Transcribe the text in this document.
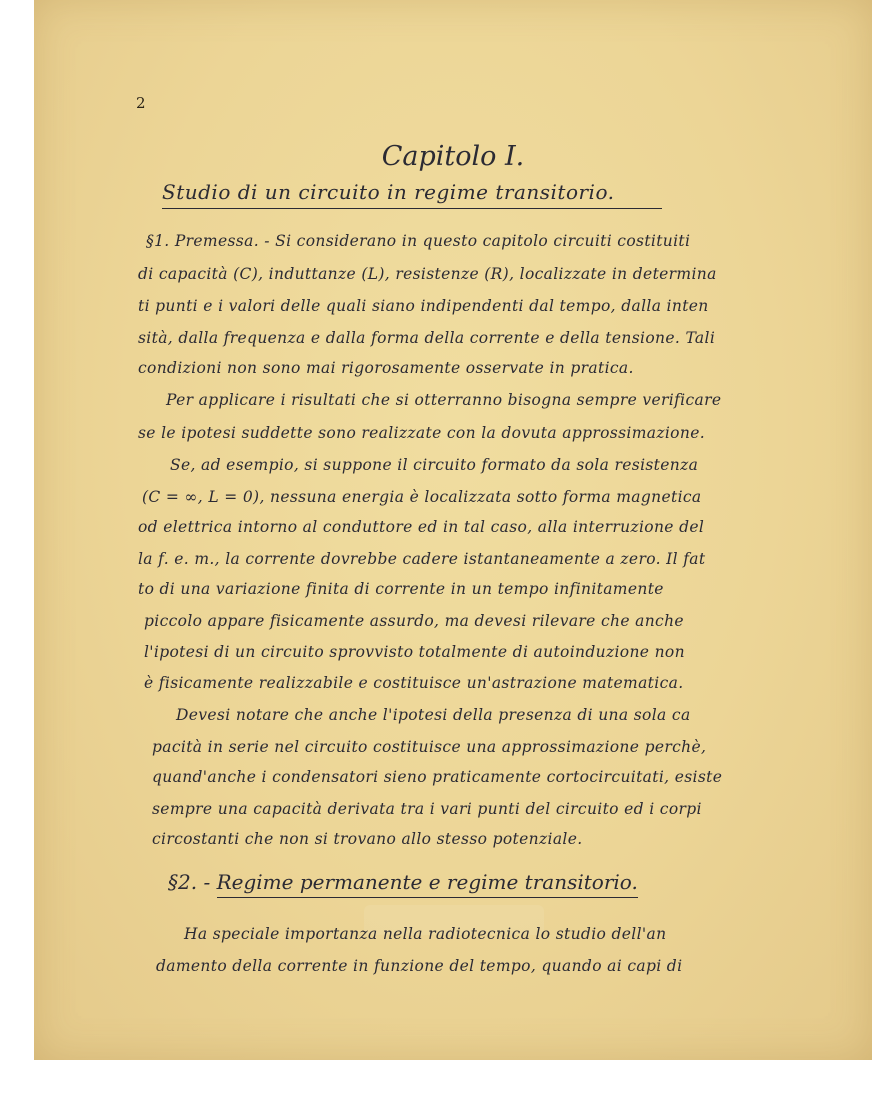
2
Capitolo I.
Studio di un circuito in regime transitorio.
§1. Premessa. - Si considerano in questo capitolo circuiti costituiti
di capacità (C), induttanze (L), resistenze (R), localizzate in determina
ti punti e i valori delle quali siano indipendenti dal tempo, dalla inten
sità, dalla frequenza e dalla forma della corrente e della tensione. Tali
condizioni non sono mai rigorosamente osservate in pratica.
Per applicare i risultati che si otterranno bisogna sempre verificare
se le ipotesi suddette sono realizzate con la dovuta approssimazione.
Se, ad esempio, si suppone il circuito formato da sola resistenza
(C = ∞, L = 0), nessuna energia è localizzata sotto forma magnetica
od elettrica intorno al conduttore ed in tal caso, alla interruzione del
la f. e. m., la corrente dovrebbe cadere istantaneamente a zero. Il fat
to di una variazione finita di corrente in un tempo infinitamente
piccolo appare fisicamente assurdo, ma devesi rilevare che anche
l'ipotesi di un circuito sprovvisto totalmente di autoinduzione non
è fisicamente realizzabile e costituisce un'astrazione matematica.
Devesi notare che anche l'ipotesi della presenza di una sola ca
pacità in serie nel circuito costituisce una approssimazione perchè,
quand'anche i condensatori sieno praticamente cortocircuitati, esiste
sempre una capacità derivata tra i vari punti del circuito ed i corpi
circostanti che non si trovano allo stesso potenziale.
§2. - Regime permanente e regime transitorio.
Ha speciale importanza nella radiotecnica lo studio dell'an
damento della corrente in funzione del tempo, quando ai capi di
